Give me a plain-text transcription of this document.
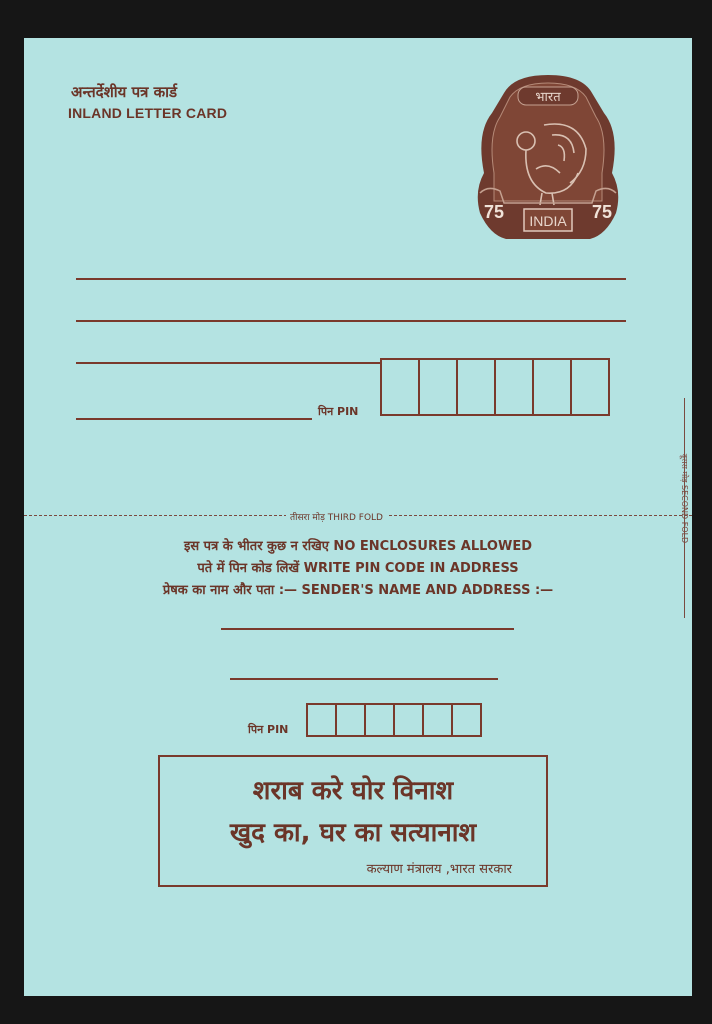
अन्तर्देशीय पत्र कार्ड
INLAND LETTER CARD
भारत
INDIA
75	75
पिन PIN
तीसरा मोड़ THIRD FOLD	दूसरा मोड़ SECOND FOLD
इस पत्र के भीतर कुछ न रखिए NO ENCLOSURES ALLOWED
पते में पिन कोड लिखें WRITE PIN CODE IN ADDRESS
प्रेषक का नाम और पता :— SENDER'S NAME AND ADDRESS :—
पिन PIN
शराब करे घोर विनाश
खुद का, घर का सत्यानाश
कल्याण मंत्रालय ,भारत सरकार
